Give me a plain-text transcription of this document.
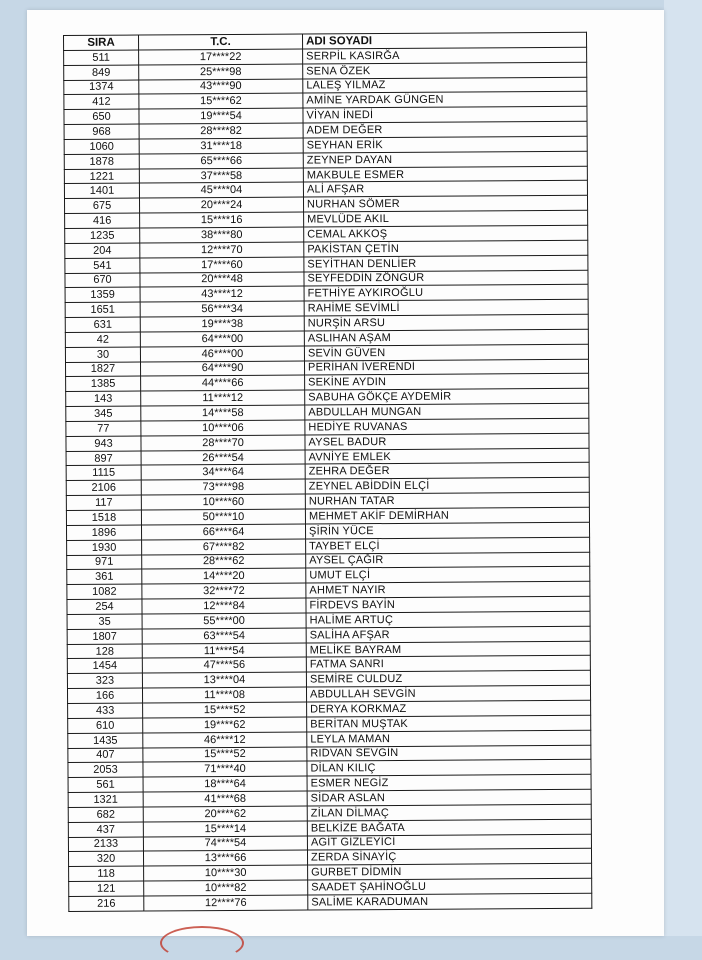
SIRA	T.C.	ADI SOYADI
511	17****22	SERPİL KASIRĞA
849	25****98	SENA ÖZEK
1374	43****90	LALEŞ YILMAZ
412	15****62	AMİNE YARDAK GÜNGEN
650	19****54	VİYAN İNEDİ
968	28****82	ADEM DEĞER
1060	31****18	SEYHAN ERİK
1878	65****66	ZEYNEP DAYAN
1221	37****58	MAKBULE ESMER
1401	45****04	ALİ AFŞAR
675	20****24	NURHAN SÖMER
416	15****16	MEVLÜDE AKIL
1235	38****80	CEMAL AKKOŞ
204	12****70	PAKİSTAN ÇETİN
541	17****60	SEYİTHAN DENLİER
670	20****48	SEYFEDDİN ZÖNGÜR
1359	43****12	FETHİYE AYKIROĞLU
1651	56****34	RAHİME SEVİMLİ
631	19****38	NURŞİN ARSU
42	64****00	ASLIHAN AŞAM
30	46****00	SEVİN GÜVEN
1827	64****90	PERİHAN İVERENDİ
1385	44****66	SEKİNE AYDIN
143	11****12	SABUHA GÖKÇE AYDEMİR
345	14****58	ABDULLAH MUNGAN
77	10****06	HEDİYE RUVANAS
943	28****70	AYSEL BADUR
897	26****54	AVNİYE EMLEK
1115	34****64	ZEHRA DEĞER
2106	73****98	ZEYNEL ABİDDİN ELÇİ
117	10****60	NURHAN TATAR
1518	50****10	MEHMET AKİF DEMİRHAN
1896	66****64	ŞİRİN YÜCE
1930	67****82	TAYBET ELÇİ
971	28****62	AYSEL ÇAĞIR
361	14****20	UMUT ELÇİ
1082	32****72	AHMET NAYIR
254	12****84	FİRDEVS BAYİN
35	55****00	HALİME ARTUÇ
1807	63****54	SALİHA AFŞAR
128	11****54	MELİKE BAYRAM
1454	47****56	FATMA SANRI
323	13****04	SEMİRE CULDUZ
166	11****08	ABDULLAH SEVGİN
433	15****52	DERYA KORKMAZ
610	19****62	BERİTAN MUŞTAK
1435	46****12	LEYLA MAMAN
407	15****52	RIDVAN SEVGİN
2053	71****40	DİLAN KILIÇ
561	18****64	ESMER NEGİZ
1321	41****68	SİDAR ASLAN
682	20****62	ZİLAN DİLMAÇ
437	15****14	BELKİZE BAĞATA
2133	74****54	AGİT GİZLEYİCİ
320	13****66	ZERDA SİNAYİÇ
118	10****30	GURBET DİDMİN
121	10****82	SAADET ŞAHİNOĞLU
216	12****76	SALİME KARADUMAN
